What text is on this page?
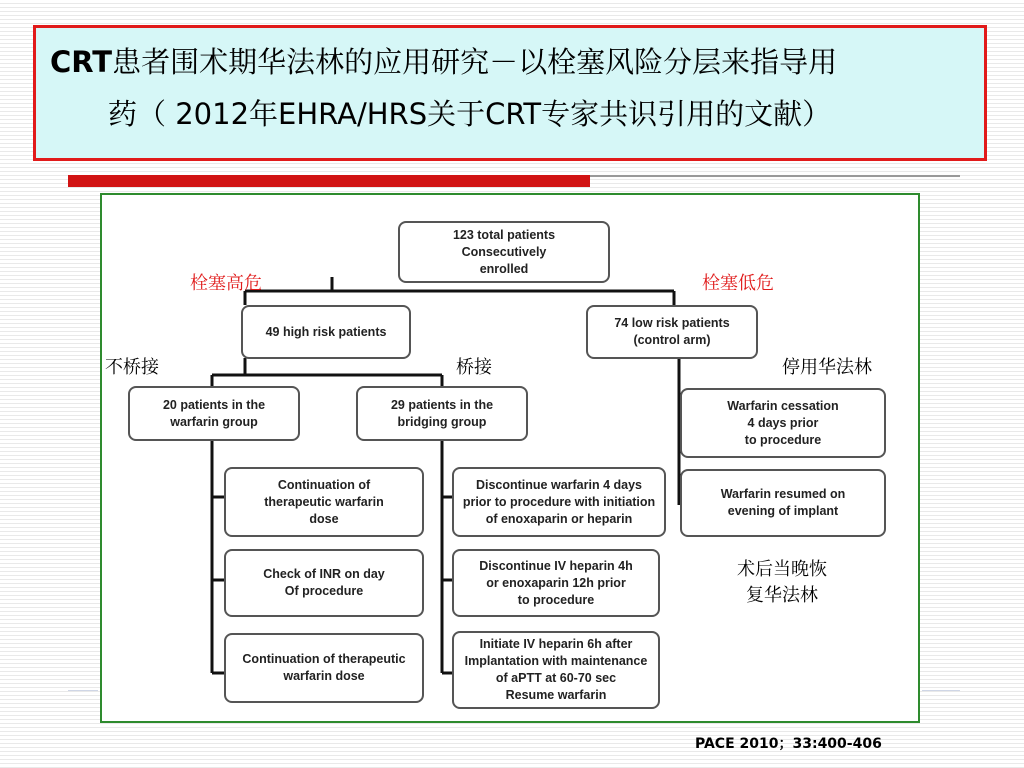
CRT患者围术期华法林的应用研究－以栓塞风险分层来指导用
药（ 2012年EHRA/HRS关于CRT专家共识引用的文献）
123 total patients
Consecutively
enrolled
49 high risk patients
74 low risk patients
(control arm)
20 patients in the
warfarin group
29 patients in the
bridging group
Continuation of
therapeutic warfarin
dose
Check of INR on day
Of procedure
Continuation of therapeutic
warfarin dose
Discontinue warfarin 4 days
prior to procedure with initiation
of enoxaparin or heparin
Discontinue IV heparin 4h
or enoxaparin 12h prior
to procedure
Initiate IV heparin 6h after
Implantation with maintenance
of aPTT at 60-70 sec
Resume warfarin
Warfarin cessation
4 days prior
to procedure
Warfarin resumed on
evening of implant
栓塞高危	栓塞低危
不桥接	桥接	停用华法林
术后当晚恢
复华法林
PACE 2010；33:400-406
